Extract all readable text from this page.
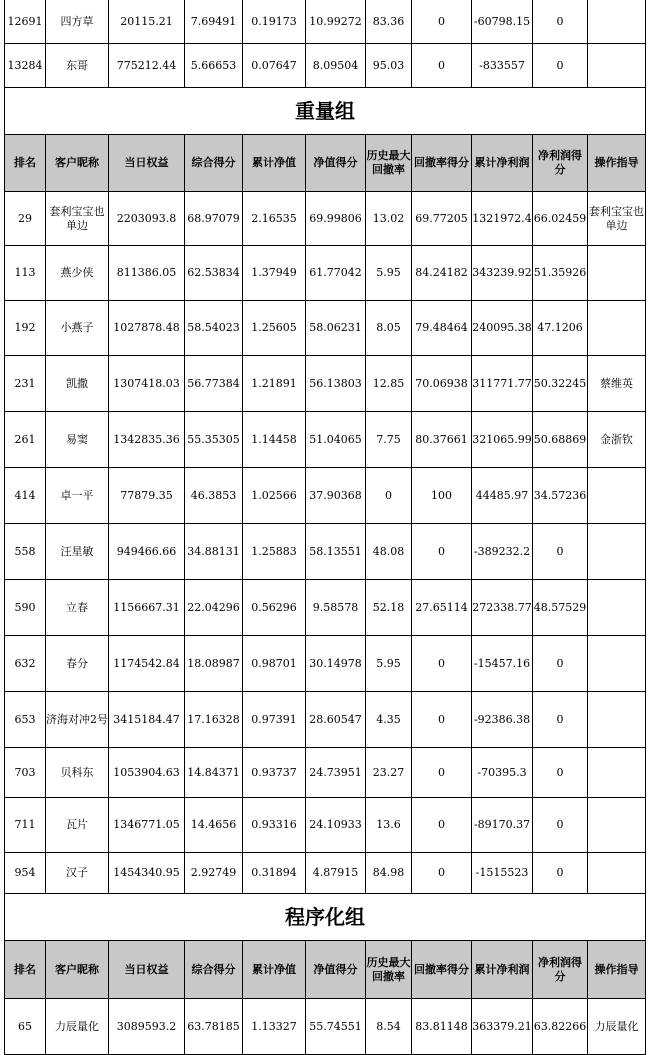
12691	四方草	20115.21	7.69491	0.19173	10.99272	83.36	0	-60798.15	0	
13284	东哥	775212.44	5.66653	0.07647	8.09504	95.03	0	-833557	0	
重量组										
排名	客户昵称	当日权益	综合得分	累计净值	净值得分	历史最大回撤率	回撤率得分	累计净利润	净利润得分	操作指导
29	套利宝宝也单边	2203093.8	68.97079	2.16535	69.99806	13.02	69.77205	1321972.4	66.02459	套利宝宝也单边
113	燕少侠	811386.05	62.53834	1.37949	61.77042	5.95	84.24182	343239.92	51.35926	
192	小燕子	1027878.48	58.54023	1.25605	58.06231	8.05	79.48464	240095.38	47.1206	
231	凯撒	1307418.03	56.77384	1.21891	56.13803	12.85	70.06938	311771.77	50.32245	蔡维英
261	易窦	1342835.36	55.35305	1.14458	51.04065	7.75	80.37661	321065.99	50.68869	金浙钦
414	卓一平	77879.35	46.3853	1.02566	37.90368	0	100	44485.97	34.57236	
558	汪星敏	949466.66	34.88131	1.25883	58.13551	48.08	0	-389232.2	0	
590	立春	1156667.31	22.04296	0.56296	9.58578	52.18	27.65114	272338.77	48.57529	
632	春分	1174542.84	18.08987	0.98701	30.14978	5.95	0	-15457.16	0	
653	济海对冲2号	3415184.47	17.16328	0.97391	28.60547	4.35	0	-92386.38	0	
703	贝科东	1053904.63	14.84371	0.93737	24.73951	23.27	0	-70395.3	0	
711	瓦片	1346771.05	14.4656	0.93316	24.10933	13.6	0	-89170.37	0	
954	汉子	1454340.95	2.92749	0.31894	4.87915	84.98	0	-1515523	0	
程序化组										
排名	客户昵称	当日权益	综合得分	累计净值	净值得分	历史最大回撤率	回撤率得分	累计净利润	净利润得分	操作指导
65	力辰量化	3089593.2	63.78185	1.13327	55.74551	8.54	83.81148	363379.21	63.82266	力辰量化
